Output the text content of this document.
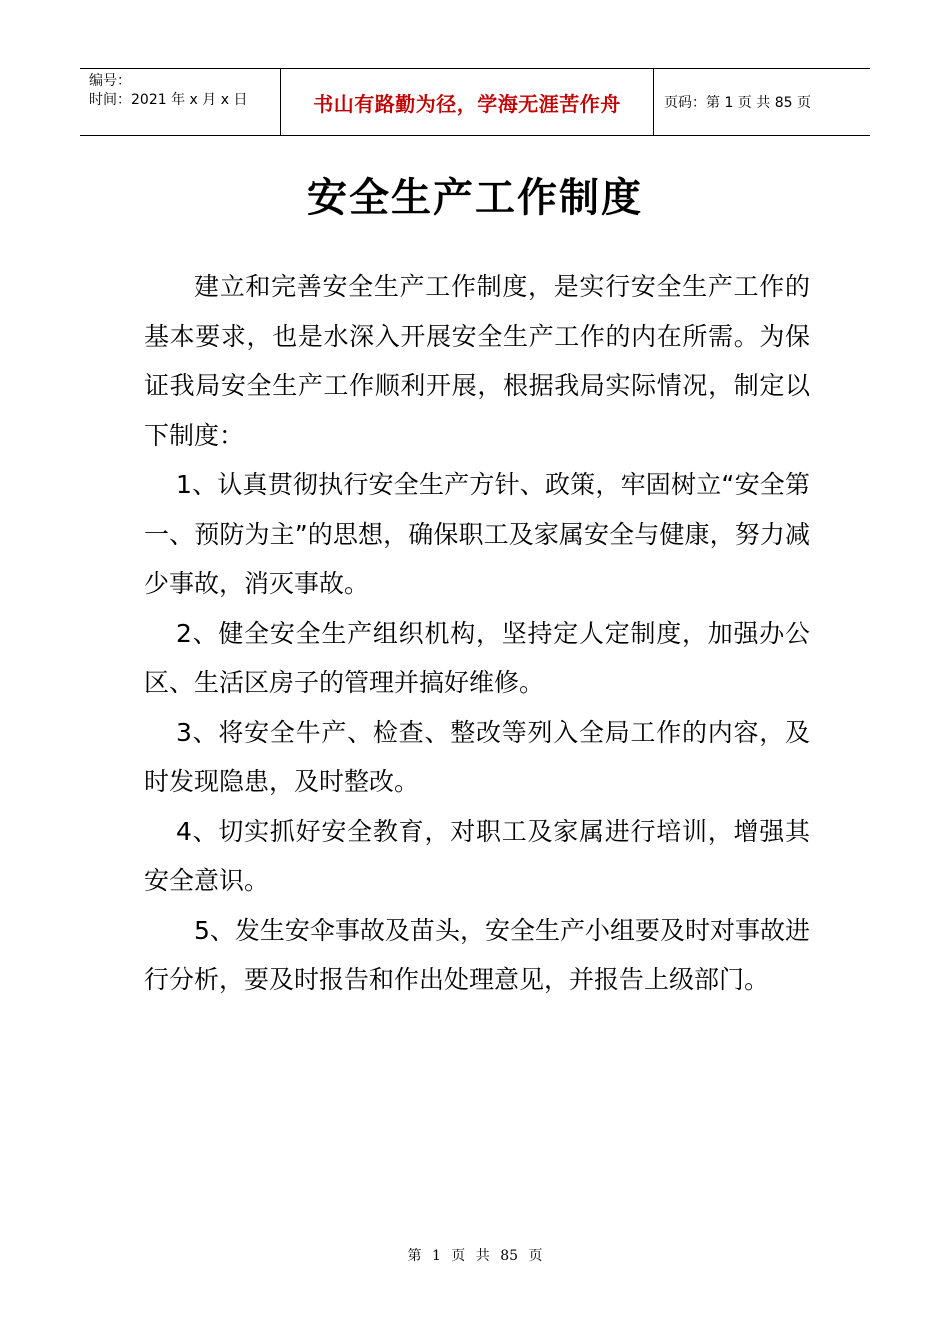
编号：
时间：2021 年 x 月 x 日	书山有路勤为径，学海无涯苦作舟	页码：第 1 页 共 85 页
安全生产工作制度

建立和完善安全生产工作制度，是实行安全生产工作的基本要求，也是水深入开展安全生产工作的内在所需。为保证我局安全生产工作顺利开展，根据我局实际情况，制定以下制度：

1、认真贯彻执行安全生产方针、政策，牢固树立“安全第一、预防为主”的思想，确保职工及家属安全与健康，努力减少事故，消灭事故。

2、健全安全生产组织机构，坚持定人定制度，加强办公区、生活区房子的管理并搞好维修。

3、将安全牛产、检查、整改等列入全局工作的内容，及时发现隐患，及时整改。

4、切实抓好安全教育，对职工及家属进行培训，增强其安全意识。

5、发生安伞事故及苗头，安全生产小组要及时对事故进行分析，要及时报告和作出处理意见，并报告上级部门。

第 1 页 共 85 页
